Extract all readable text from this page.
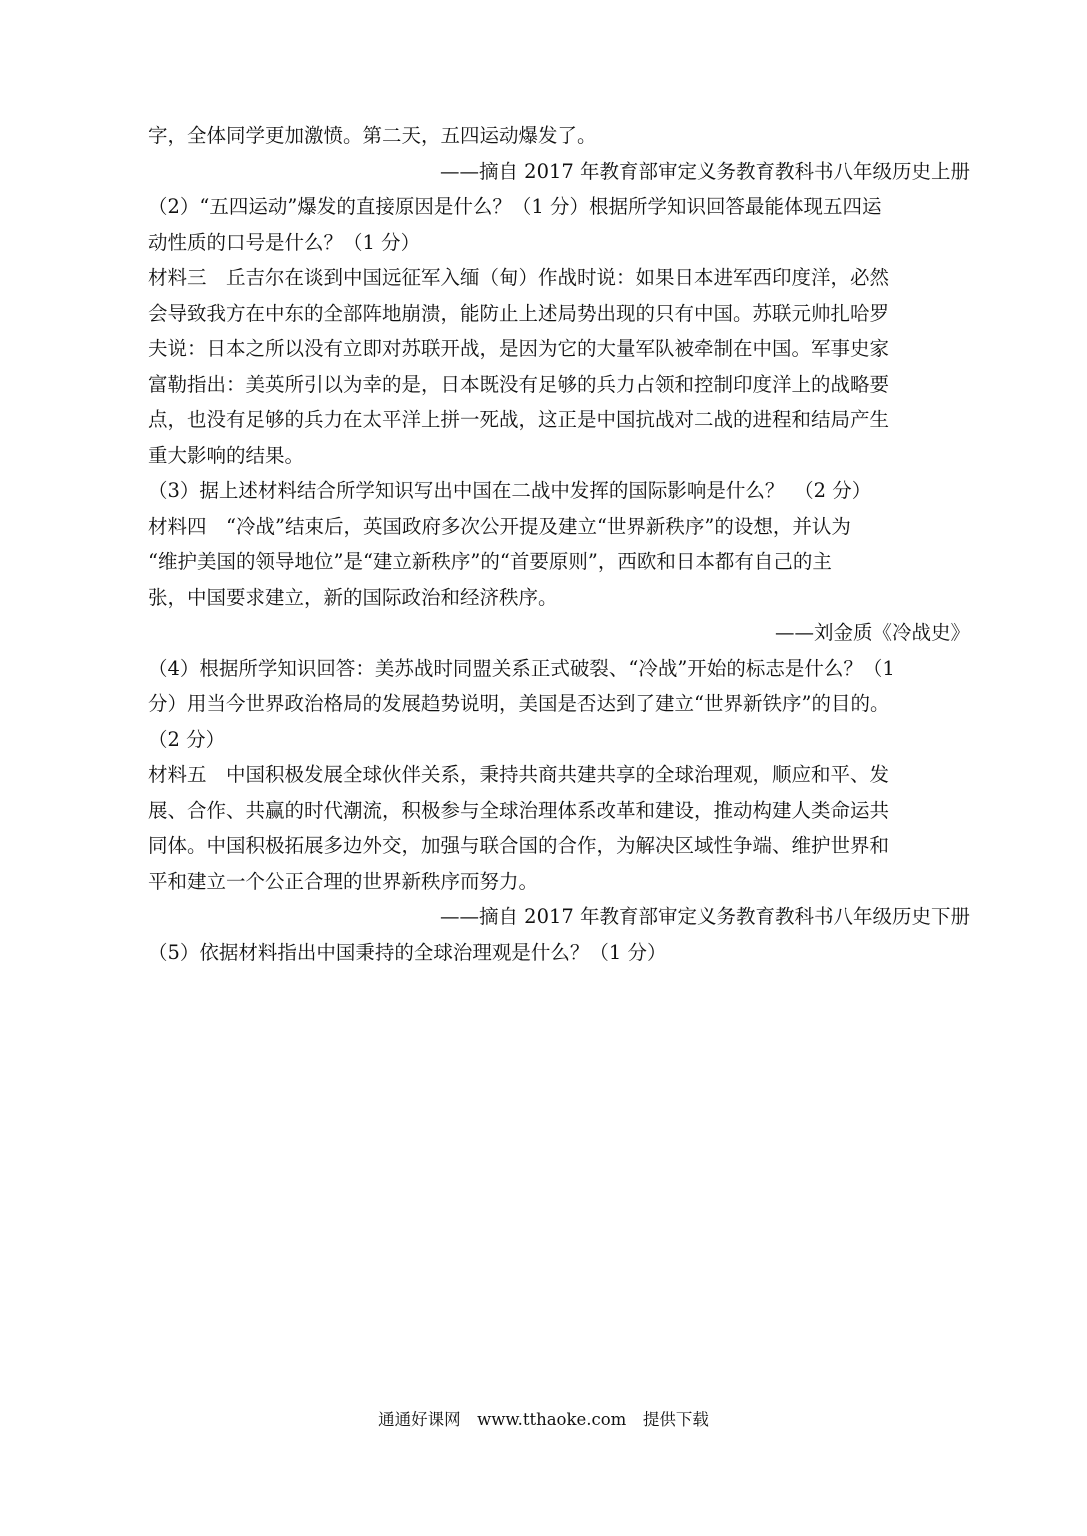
字，全体同学更加激愤。第二天，五四运动爆发了。
——摘自 2017 年教育部审定义务教育教科书八年级历史上册
（2）“五四运动”爆发的直接原因是什么？（1 分）根据所学知识回答最能体现五四运
动性质的口号是什么？（1 分）
材料三　丘吉尔在谈到中国远征军入缅（甸）作战时说：如果日本进军西印度洋，必然
会导致我方在中东的全部阵地崩溃，能防止上述局势出现的只有中国。苏联元帅扎哈罗
夫说：日本之所以没有立即对苏联开战，是因为它的大量军队被牵制在中国。军事史家
富勒指出：美英所引以为幸的是，日本既没有足够的兵力占领和控制印度洋上的战略要
点，也没有足够的兵力在太平洋上拼一死战，这正是中国抗战对二战的进程和结局产生
重大影响的结果。
（3）据上述材料结合所学知识写出中国在二战中发挥的国际影响是什么？　（2 分）
材料四　“冷战”结束后，英国政府多次公开提及建立“世界新秩序”的设想，并认为
“维护美国的领导地位”是“建立新秩序”的“首要原则”，西欧和日本都有自己的主
张，中国要求建立，新的国际政治和经济秩序。
——刘金质《冷战史》
（4）根据所学知识回答：美苏战时同盟关系正式破裂、“冷战”开始的标志是什么？（1
分）用当今世界政治格局的发展趋势说明，美国是否达到了建立“世界新铁序”的目的。
（2 分）
材料五　中国积极发展全球伙伴关系，秉持共商共建共享的全球治理观，顺应和平、发
展、合作、共赢的时代潮流，积极参与全球治理体系改革和建设，推动构建人类命运共
同体。中国积极拓展多边外交，加强与联合国的合作，为解决区域性争端、维护世界和
平和建立一个公正合理的世界新秩序而努力。
——摘自 2017 年教育部审定义务教育教科书八年级历史下册
（5）依据材料指出中国秉持的全球治理观是什么？（1 分）
通通好课网　www.tthaoke.com　提供下载
